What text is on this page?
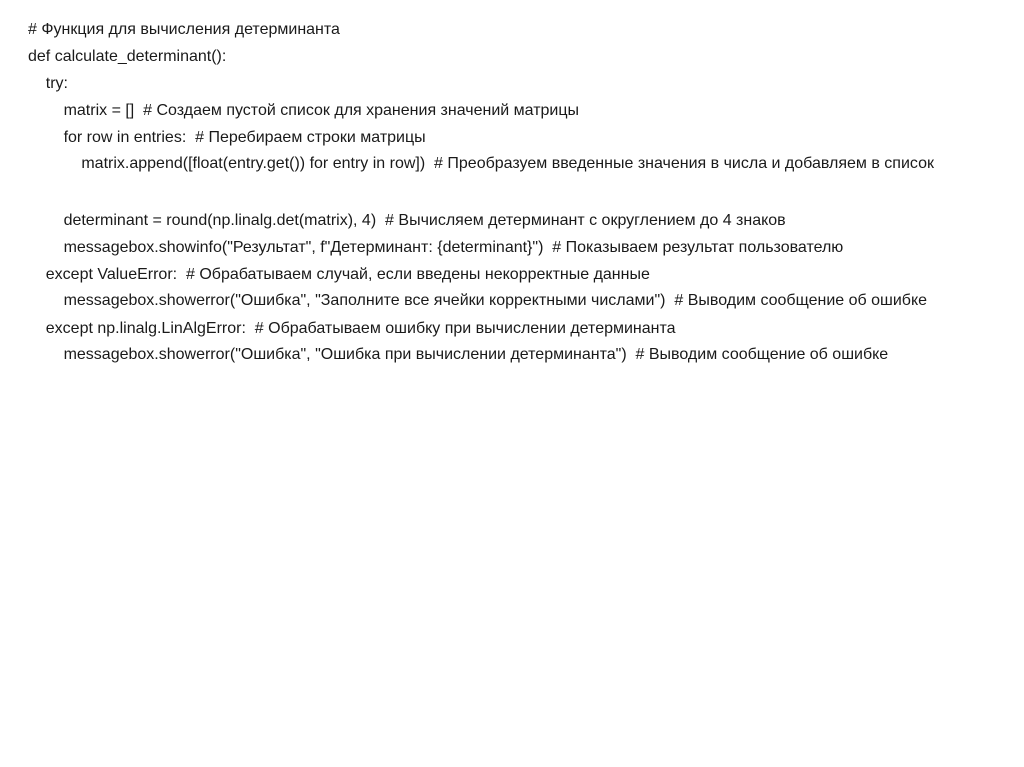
# Функция для вычисления детерминанта
def calculate_determinant():
try:
matrix = []  # Создаем пустой список для хранения значений матрицы
for row in entries:  # Перебираем строки матрицы
matrix.append([float(entry.get()) for entry in row])  # Преобразуем введенные значения в числа и добавляем в список
determinant = round(np.linalg.det(matrix), 4)  # Вычисляем детерминант с округлением до 4 знаков
messagebox.showinfo("Результат", f"Детерминант: {determinant}")  # Показываем результат пользователю
except ValueError:  # Обрабатываем случай, если введены некорректные данные
messagebox.showerror("Ошибка", "Заполните все ячейки корректными числами")  # Выводим сообщение об ошибке
except np.linalg.LinAlgError:  # Обрабатываем ошибку при вычислении детерминанта
messagebox.showerror("Ошибка", "Ошибка при вычислении детерминанта")  # Выводим сообщение об ошибке
